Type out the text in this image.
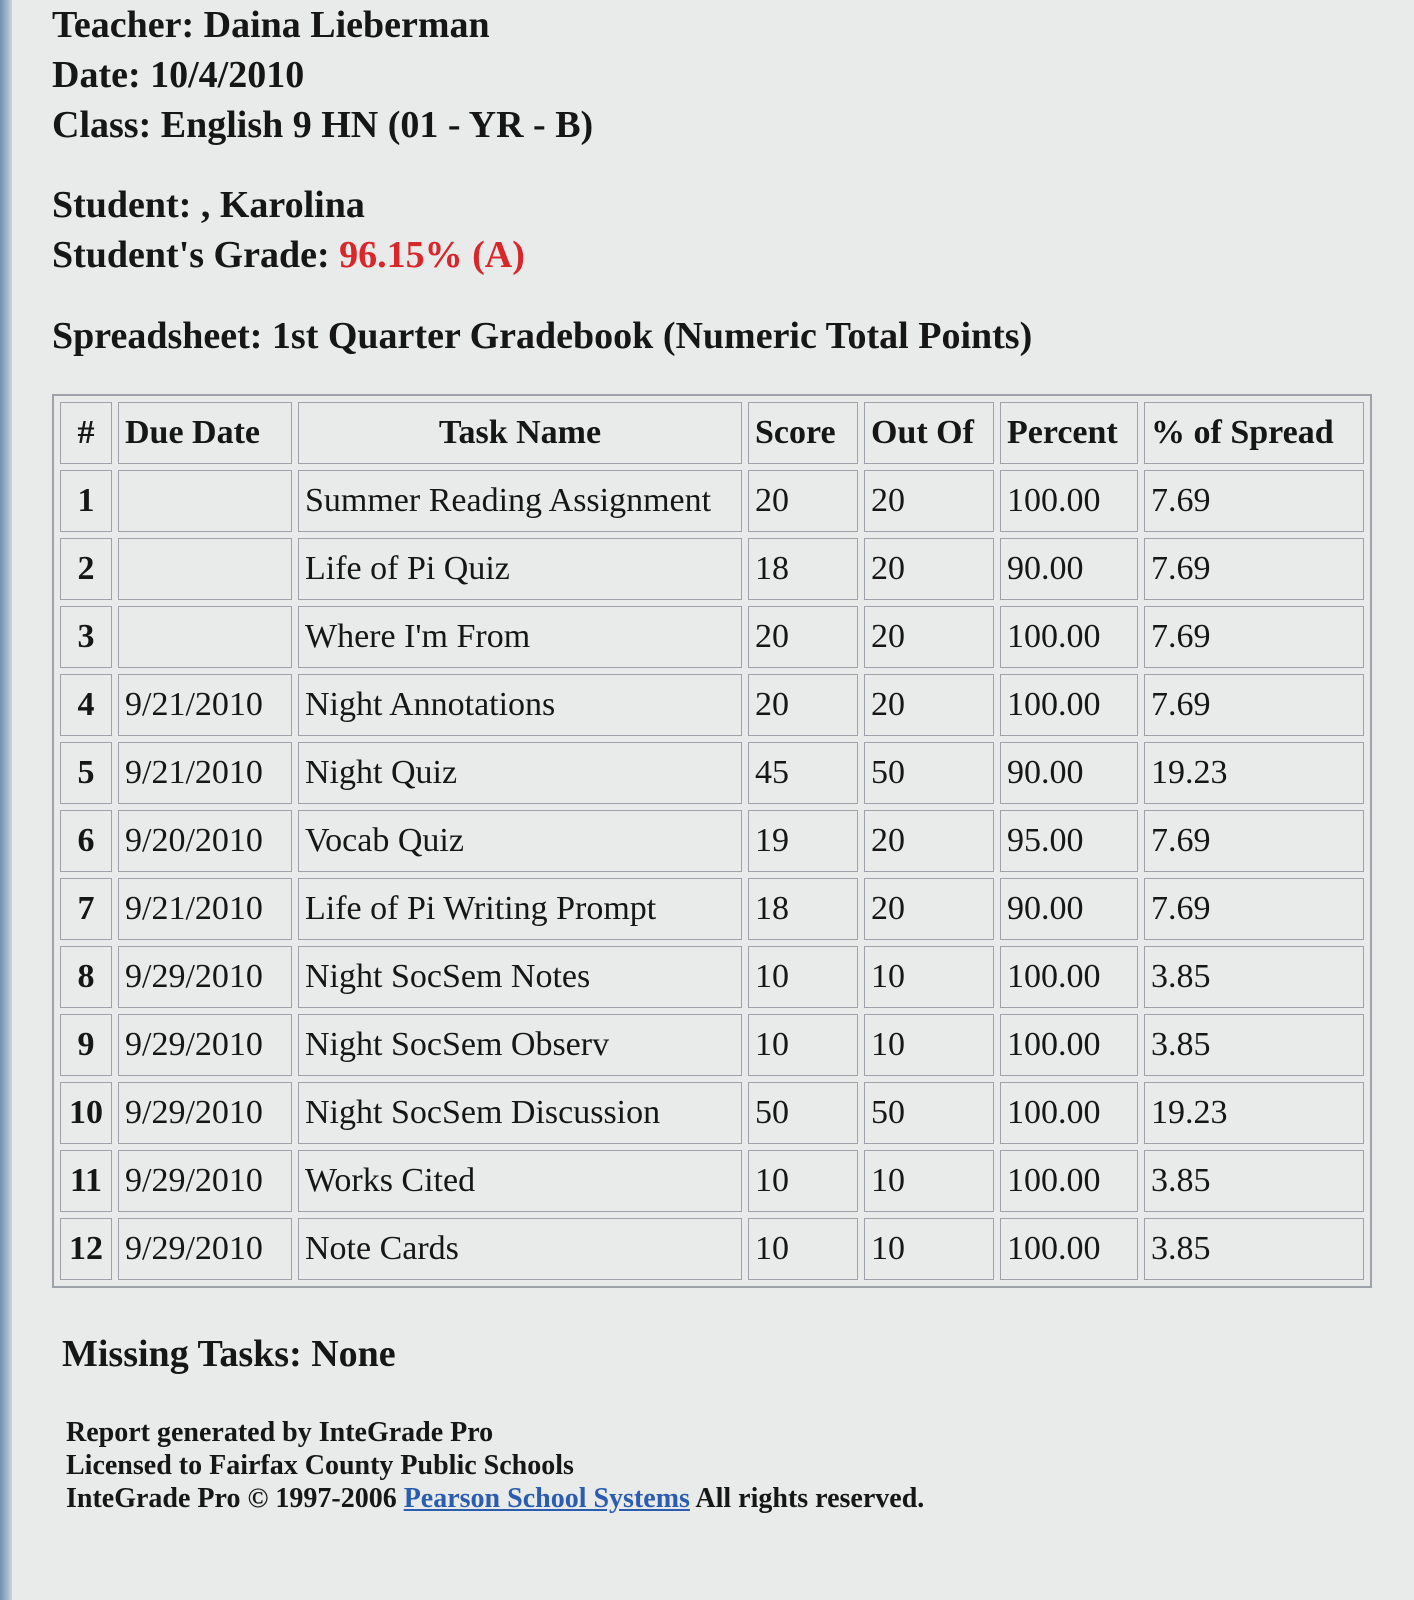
Teacher: Daina Lieberman

Date: 10/4/2010

Class: English 9 HN (01 - YR - B)

Student: , Karolina

Student's Grade: 96.15% (A)

Spreadsheet: 1st Quarter Gradebook (Numeric Total Points)
#	Due Date	Task Name	Score	Out Of	Percent	% of Spread
1		Summer Reading Assignment	20	20	100.00	7.69
2		Life of Pi Quiz	18	20	90.00	7.69
3		Where I'm From	20	20	100.00	7.69
4	9/21/2010	Night Annotations	20	20	100.00	7.69
5	9/21/2010	Night Quiz	45	50	90.00	19.23
6	9/20/2010	Vocab Quiz	19	20	95.00	7.69
7	9/21/2010	Life of Pi Writing Prompt	18	20	90.00	7.69
8	9/29/2010	Night SocSem Notes	10	10	100.00	3.85
9	9/29/2010	Night SocSem Observ	10	10	100.00	3.85
10	9/29/2010	Night SocSem Discussion	50	50	100.00	19.23
11	9/29/2010	Works Cited	10	10	100.00	3.85
12	9/29/2010	Note Cards	10	10	100.00	3.85
Missing Tasks: None
Report generated by InteGrade Pro
Licensed to Fairfax County Public Schools
InteGrade Pro © 1997-2006 Pearson School Systems All rights reserved.
